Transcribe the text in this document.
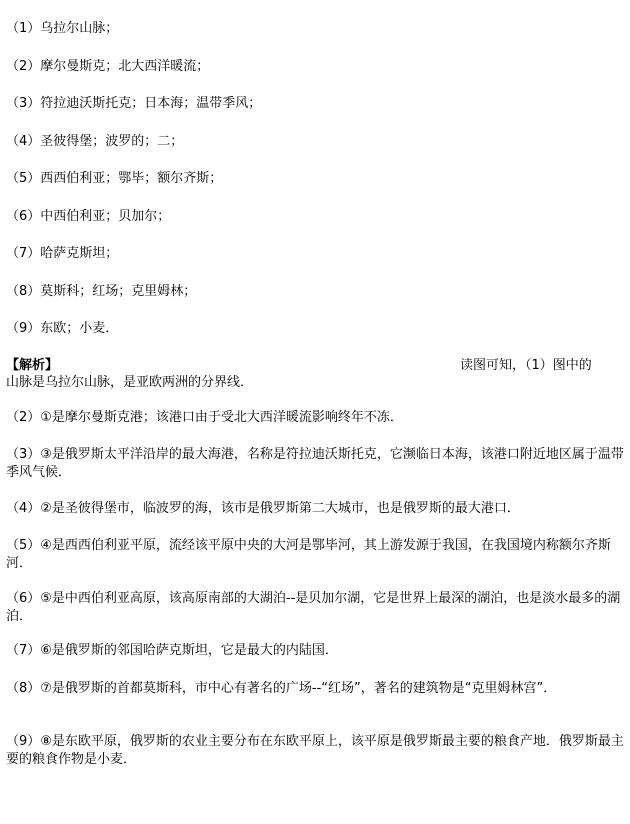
（1）乌拉尔山脉；
（2）摩尔曼斯克；北大西洋暖流；
（3）符拉迪沃斯托克；日本海；温带季风；
（4）圣彼得堡；波罗的；二；
（5）西西伯利亚；鄂毕；额尔齐斯；
（6）中西伯利亚；贝加尔；
（7）哈萨克斯坦；
（8）莫斯科；红场；克里姆林；
（9）东欧；小麦．
【解析】	读图可知，（1）图中的
山脉是乌拉尔山脉，是亚欧两洲的分界线．
（2）①是摩尔曼斯克港；该港口由于受北大西洋暖流影响终年不冻．
（3）③是俄罗斯太平洋沿岸的最大海港，名称是符拉迪沃斯托克，它濒临日本海，该港口附近地区属于温带季风气候．
（4）②是圣彼得堡市，临波罗的海，该市是俄罗斯第二大城市，也是俄罗斯的最大港口．
（5）④是西西伯利亚平原，流经该平原中央的大河是鄂毕河，其上游发源于我国，在我国境内称额尔齐斯河．
（6）⑤是中西伯利亚高原，该高原南部的大湖泊--是贝加尔湖，它是世界上最深的湖泊，也是淡水最多的湖泊．
（7）⑥是俄罗斯的邻国哈萨克斯坦，它是最大的内陆国．
（8）⑦是俄罗斯的首都莫斯科，市中心有著名的广场--“红场”，著名的建筑物是“克里姆林宫”．
（9）⑧是东欧平原，俄罗斯的农业主要分布在东欧平原上，该平原是俄罗斯最主要的粮食产地．俄罗斯最主要的粮食作物是小麦．
